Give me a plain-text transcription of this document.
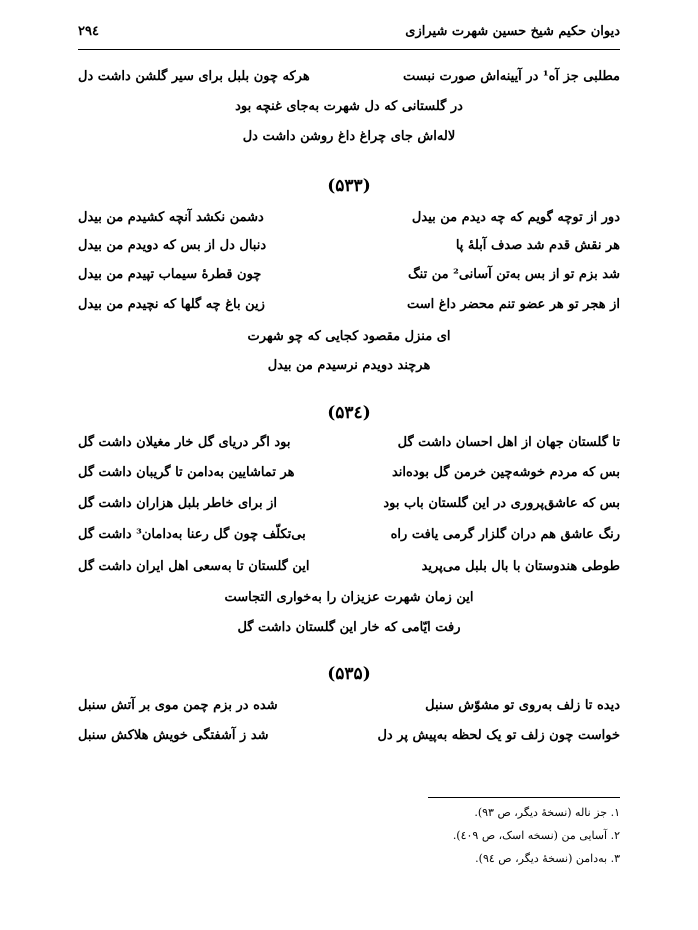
دیوان حکیم شیخ حسین شهرت شیرازی
۲۹٤
مطلبی جز آه¹ در آیینه‌اش صورت نبست
هرکه چون بلبل برای سیر گلشن داشت دل
در گلستانی که دل شهرت به‌جای غنچه بود
لاله‌اش جای چراغ داغ روشن داشت دل
(۵۳۳)
دور از توچه گویم که چه دیدم من بیدل
دشمن نکشد آنچه کشیدم من بیدل
هر نقش قدم شد صدف آبلهٔ پا
دنبال دل از بس که دویدم من بیدل
شد بزم تو از بس به‌تن آسانی² من تنگ
چون قطرهٔ سیماب تپیدم من بیدل
از هجر تو هر عضو تنم محضر داغ است
زین باغ چه گلها که نچیدم من بیدل
ای منزل مقصود کجایی که چو شهرت
هرچند دویدم نرسیدم من بیدل
(۵۳٤)
تا گلستان جهان از اهل احسان داشت گل
بود اگر دریای گل خار مغیلان داشت گل
بس که مردم خوشه‌چین خرمن گل بوده‌اند
هر تماشایین به‌دامن تا گریبان داشت گل
بس که عاشق‌پروری در این گلستان باب بود
از برای خاطر بلبل هزاران داشت گل
رنگ عاشق هم دران گلزار گرمی یافت راه
بی‌تکلّف چون گل رعنا به‌دامان³ داشت گل
طوطی هندوستان با بال بلبل می‌پرید
این گلستان تا به‌سعی اهل ایران داشت گل
این زمان شهرت عزیزان را به‌خواری التجاست
رفت ایّامی که خار این گلستان داشت گل
(۵۳۵)
دیده تا زلف به‌روی تو مشوّش سنبل
شده در بزم چمن موی بر آتش سنبل
خواست چون زلف تو یک لحظه به‌پیش پر دل
شد ز آشفتگی خویش هلاکش سنبل
۱. جز ناله (نسخهٔ دیگر، ص ۹۳).
۲. آسایی من (نسخه اسک، ص ٤۰۹).
۳. به‌دامن (نسخهٔ دیگر، ص ۹٤).
